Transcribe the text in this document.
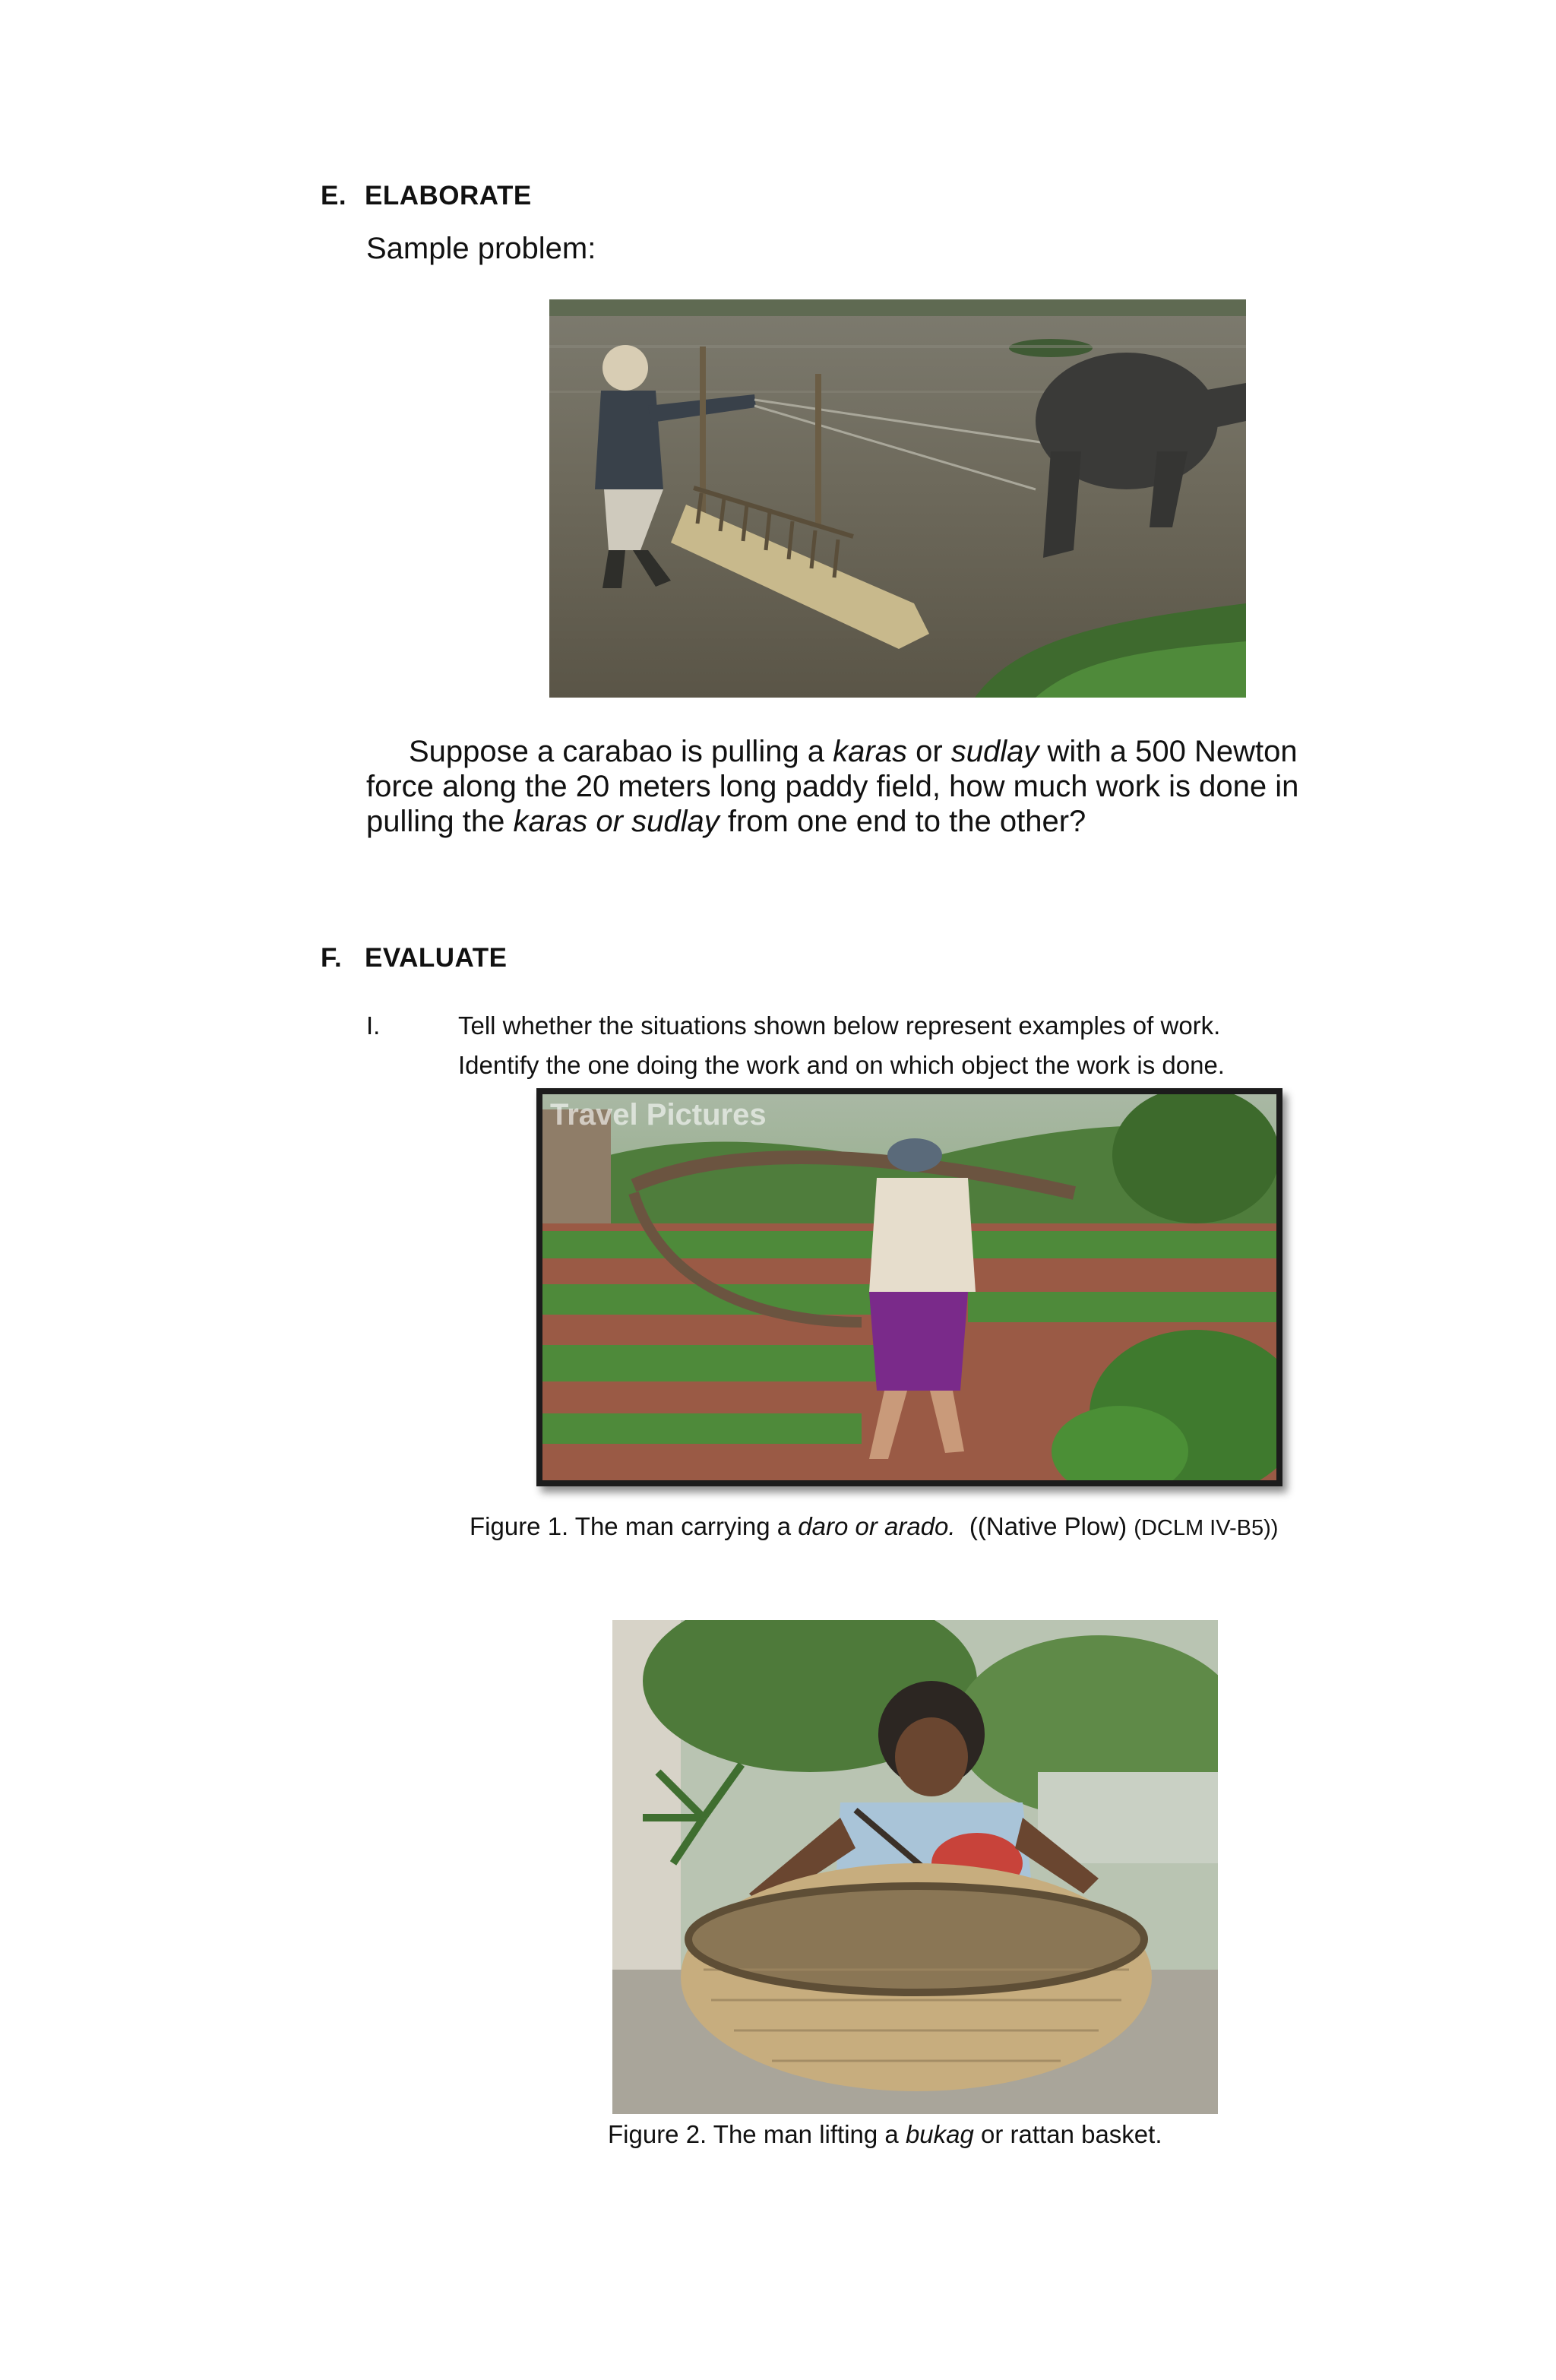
E. ELABORATE
Sample problem:
Suppose a carabao is pulling a karas or sudlay with a 500 Newton force along the 20 meters long paddy field, how much work is done in pulling the karas or sudlay from one end to the other?
F. EVALUATE
I.	Tell whether the situations shown below represent examples of work.
Identify the one doing the work and on which object the work is done.
Travel Pictures
Figure 1. The man carrying a daro or arado.  ((Native Plow) (DCLM IV-B5))
Figure 2. The man lifting a bukag or rattan basket.
